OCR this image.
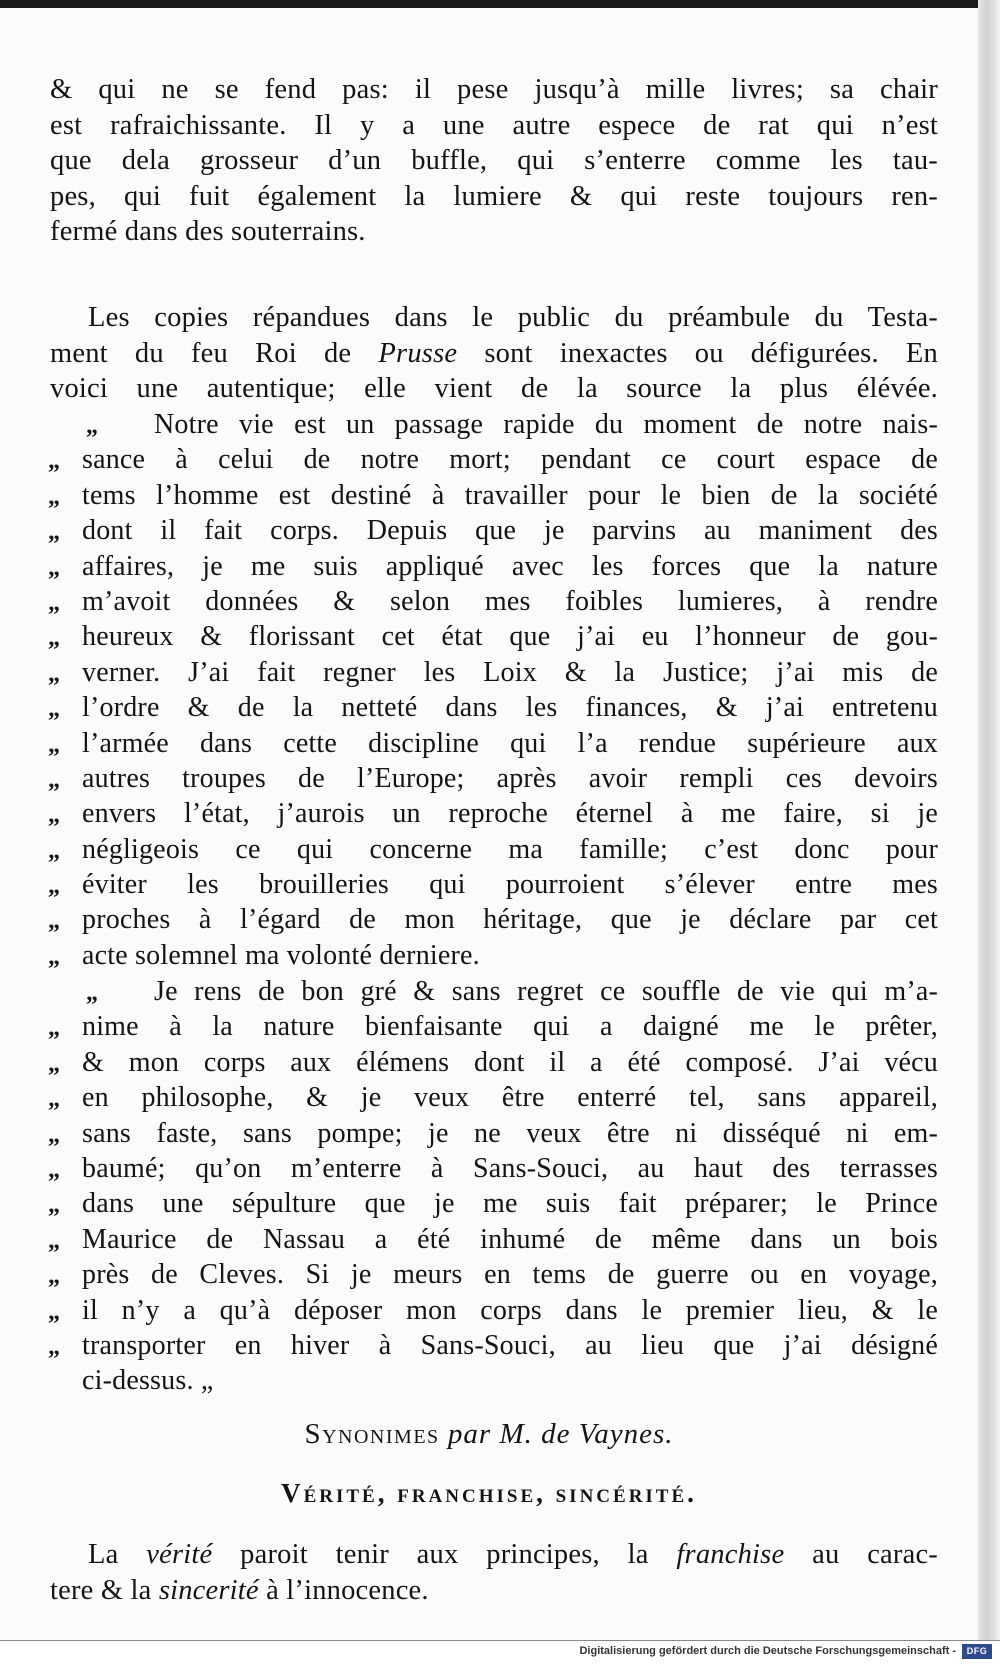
& qui ne se fend pas: il pese jusqu’à mille livres; sa chair
est rafraichissante. Il y a une autre espece de rat qui n’est
que dela grosseur d’un buffle, qui s’enterre comme les tau-
pes, qui fuit également la lumiere & qui reste toujours ren-
fermé dans des souterrains.
Les copies répandues dans le public du préambule du Testa-
ment du feu Roi de Prusse sont inexactes ou défigurées. En
voici une autentique; elle vient de la source la plus élévée.
„	Notre vie est un passage rapide du moment de notre nais-
„ sance à celui de notre mort; pendant ce court espace de
„ tems l’homme est destiné à travailler pour le bien de la société
„ dont il fait corps. Depuis que je parvins au maniment des
„ affaires, je me suis appliqué avec les forces que la nature
„ m’avoit données & selon mes foibles lumieres, à rendre
„ heureux & florissant cet état que j’ai eu l’honneur de gou-
„ verner. J’ai fait regner les Loix & la Justice; j’ai mis de
„ l’ordre & de la netteté dans les finances, & j’ai entretenu
„ l’armée dans cette discipline qui l’a rendue supérieure aux
„ autres troupes de l’Europe; après avoir rempli ces devoirs
„ envers l’état, j’aurois un reproche éternel à me faire, si je
„ négligeois ce qui concerne ma famille; c’est donc pour
„ éviter les brouilleries qui pourroient s’élever entre mes
„ proches à l’égard de mon héritage, que je déclare par cet
„ acte solemnel ma volonté derniere.
„	Je rens de bon gré & sans regret ce souffle de vie qui m’a-
„ nime à la nature bienfaisante qui a daigné me le prêter,
„ & mon corps aux élémens dont il a été composé. J’ai vécu
„ en philosophe, & je veux être enterré tel, sans appareil,
„ sans faste, sans pompe; je ne veux être ni disséqué ni em-
„ baumé; qu’on m’enterre à Sans-Souci, au haut des terrasses
„ dans une sépulture que je me suis fait préparer; le Prince
„ Maurice de Nassau a été inhumé de même dans un bois
„ près de Cleves. Si je meurs en tems de guerre ou en voyage,
„ il n’y a qu’à déposer mon corps dans le premier lieu, & le
„ transporter en hiver à Sans-Souci, au lieu que j’ai désigné
ci-dessus. „
Synonimes par M. de Vaynes.
Vérité, franchise, sincérité.
La vérité paroit tenir aux principes, la franchise au carac-
tere & la sincerité à l’innocence.
Digitalisierung gefördert durch die Deutsche Forschungsgemeinschaft -	DFG
